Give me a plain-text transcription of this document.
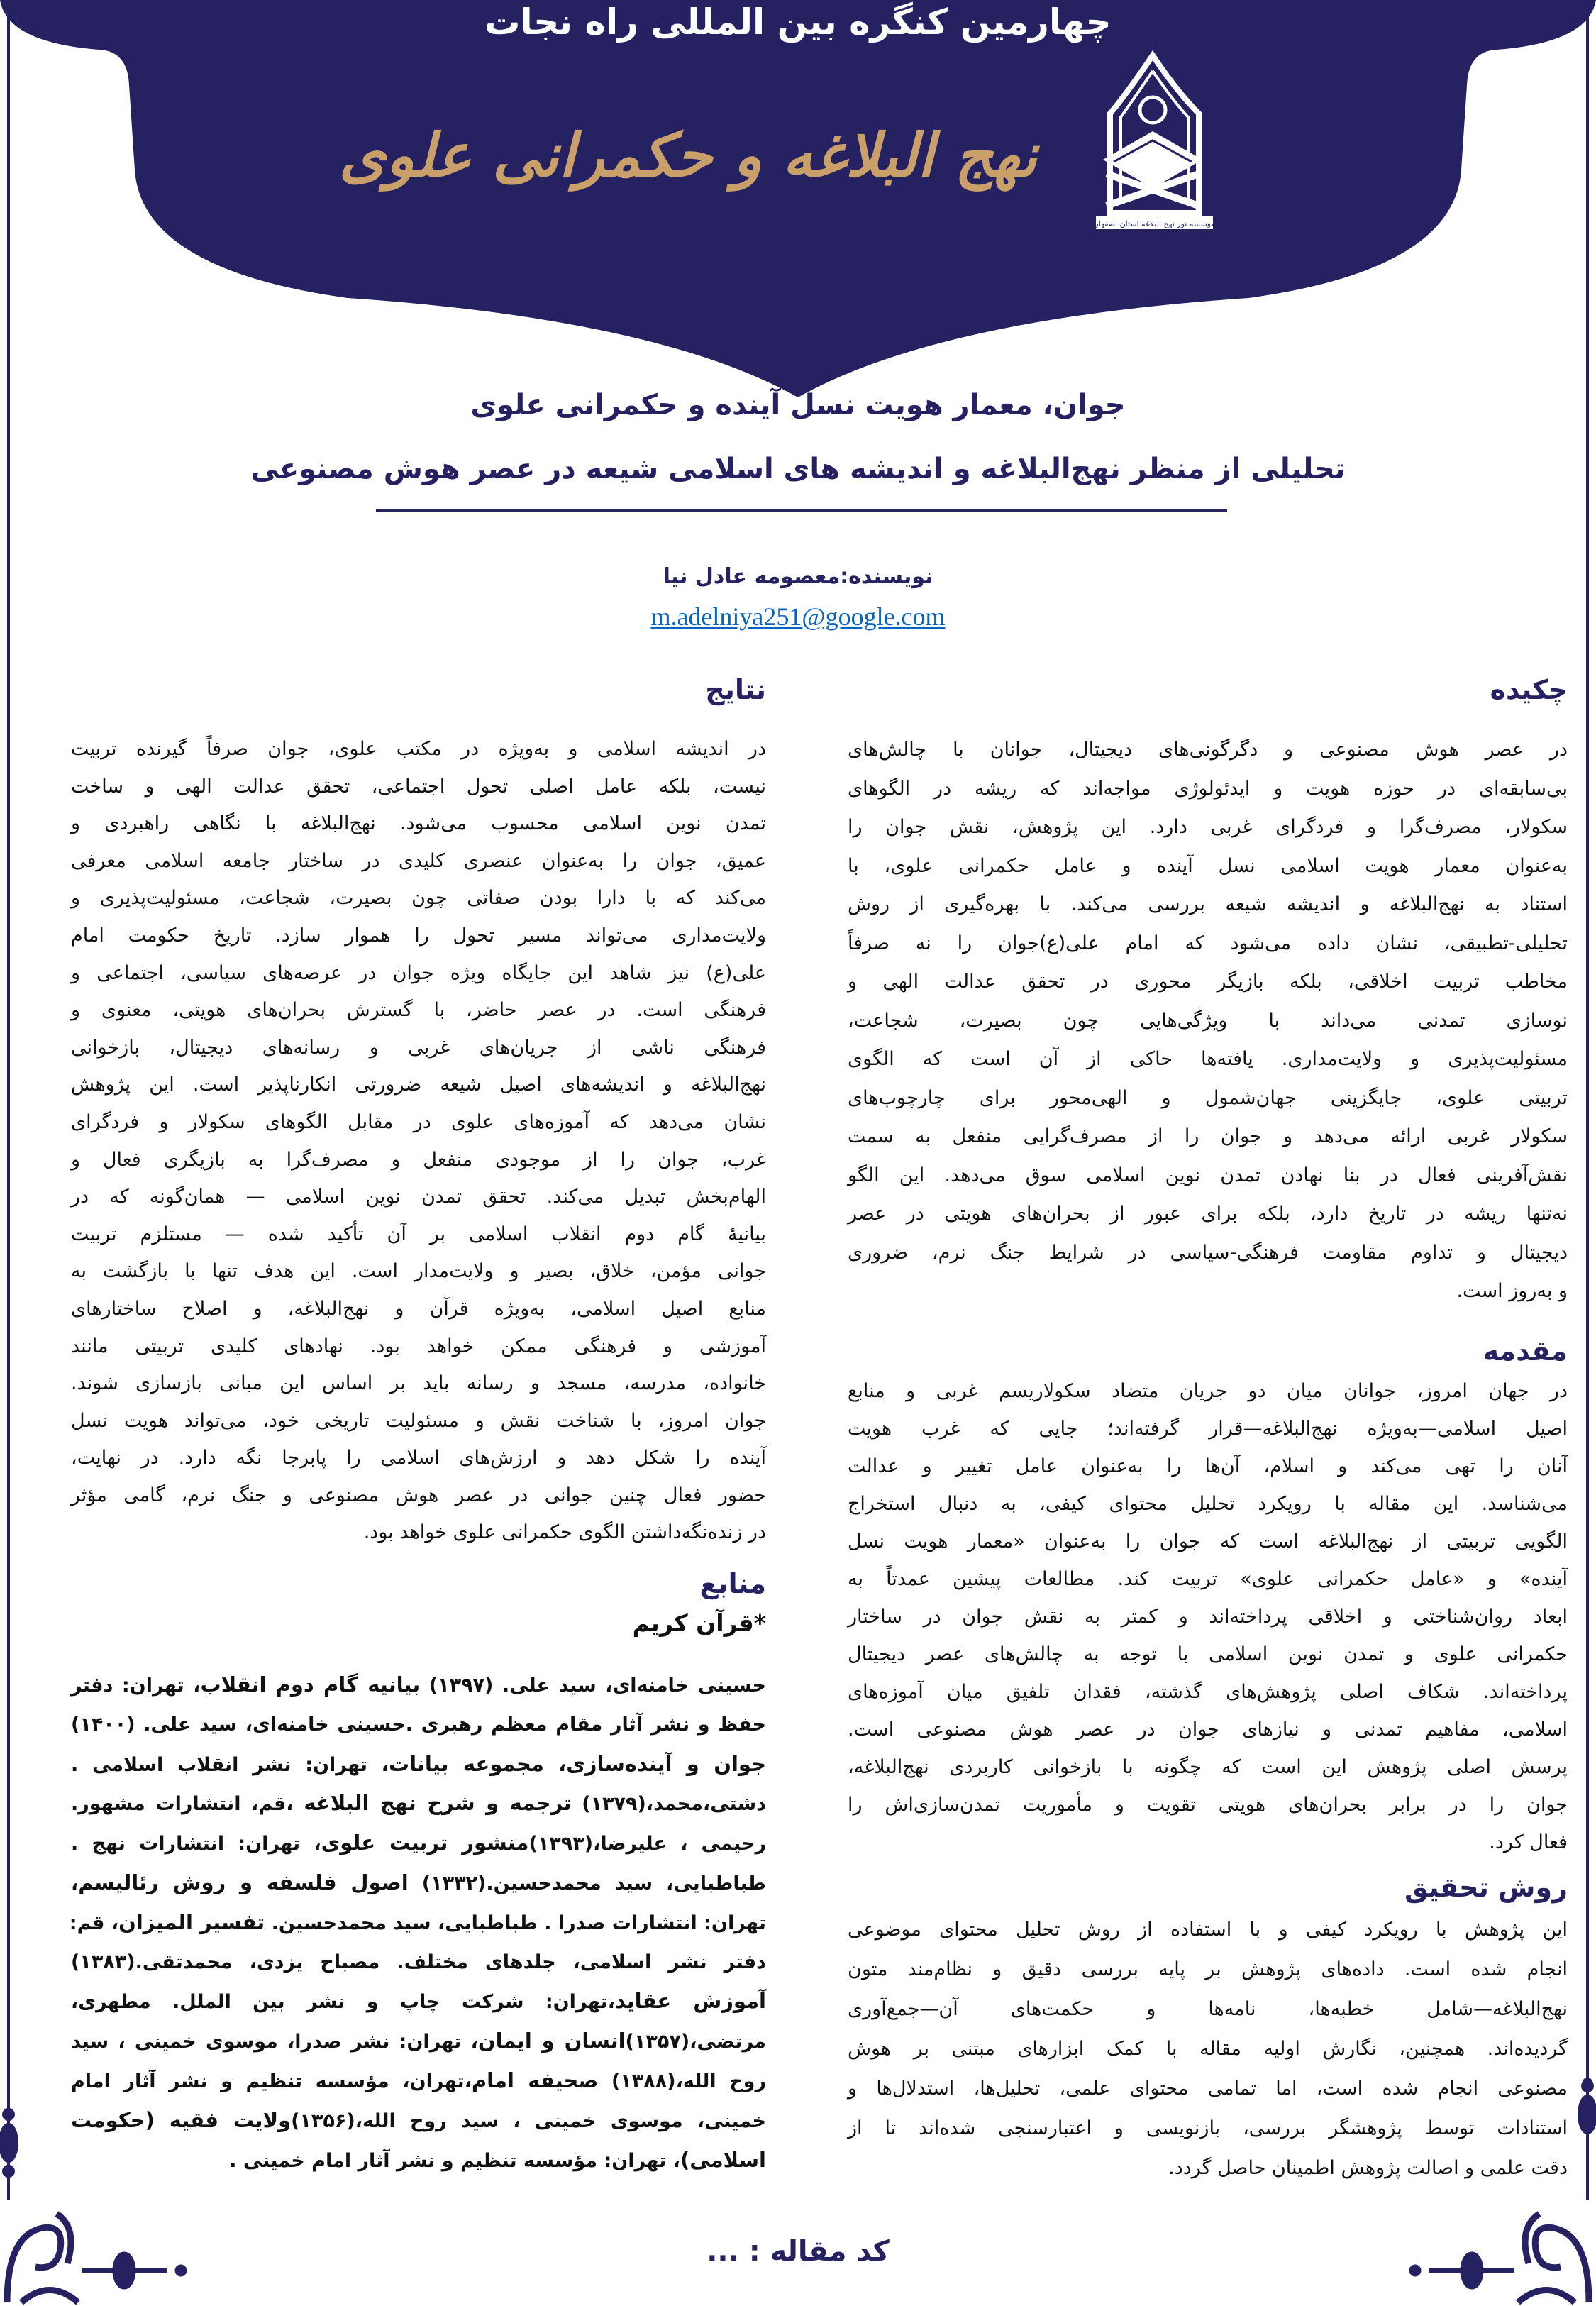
موسسه نور نهج البلاغه استان اصفهان
چهارمین کنگره بین المللی راه نجات
نهج البلاغه و حکمرانی علوی
جوان، معمار هویت نسل آینده و حکمرانی علوی
تحلیلی از منظر نهج‌البلاغه و اندیشه های اسلامی شیعه در عصر هوش مصنوعی
نویسنده:معصومه عادل نیا
m.adelniya251@google.com
چکیده
در عصر هوش مصنوعی و دگرگونی‌های دیجیتال، جوانان با چالش‌های
بی‌سابقه‌ای در حوزه هویت و ایدئولوژی مواجه‌اند که ریشه در الگوهای
سکولار، مصرف‌گرا و فردگرای غربی دارد. این پژوهش، نقش جوان را
به‌عنوان معمار هویت اسلامی نسل آینده و عامل حکمرانی علوی، با
استناد به نهج‌البلاغه و اندیشه شیعه بررسی می‌کند. با بهره‌گیری از روش
تحلیلی-تطبیقی، نشان داده می‌شود که امام علی(ع)جوان را نه صرفاً
مخاطب تربیت اخلاقی، بلکه بازیگر محوری در تحقق عدالت الهی و
نوسازی تمدنی می‌داند با ویژگی‌هایی چون بصیرت، شجاعت،
مسئولیت‌پذیری و ولایت‌مداری. یافته‌ها حاکی از آن است که الگوی
تربیتی علوی، جایگزینی جهان‌شمول و الهی‌محور برای چارچوب‌های
سکولار غربی ارائه می‌دهد و جوان را از مصرف‌گرایی منفعل به سمت
نقش‌آفرینی فعال در بنا نهادن تمدن نوین اسلامی سوق می‌دهد. این الگو
نه‌تنها ریشه در تاریخ دارد، بلکه برای عبور از بحران‌های هویتی در عصر
دیجیتال و تداوم مقاومت فرهنگی-سیاسی در شرایط جنگ نرم، ضروری
و به‌روز است.
مقدمه
در جهان امروز، جوانان میان دو جریان متضاد سکولاریسم غربی و منابع
اصیل اسلامی—به‌ویژه نهج‌البلاغه—قرار گرفته‌اند؛ جایی که غرب هویت
آنان را تهی می‌کند و اسلام، آن‌ها را به‌عنوان عامل تغییر و عدالت
می‌شناسد. این مقاله با رویکرد تحلیل محتوای کیفی، به دنبال استخراج
الگویی تربیتی از نهج‌البلاغه است که جوان را به‌عنوان «معمار هویت نسل
آینده» و «عامل حکمرانی علوی» تربیت کند. مطالعات پیشین عمدتاً به
ابعاد روان‌شناختی و اخلاقی پرداخته‌اند و کمتر به نقش جوان در ساختار
حکمرانی علوی و تمدن نوین اسلامی با توجه به چالش‌های عصر دیجیتال
پرداخته‌اند. شکاف اصلی پژوهش‌های گذشته، فقدان تلفیق میان آموزه‌های
اسلامی، مفاهیم تمدنی و نیازهای جوان در عصر هوش مصنوعی است.
پرسش اصلی پژوهش این است که چگونه با بازخوانی کاربردی نهج‌البلاغه،
جوان را در برابر بحران‌های هویتی تقویت و مأموریت تمدن‌سازی‌اش را
فعال کرد.
روش تحقیق
این پژوهش با رویکرد کیفی و با استفاده از روش تحلیل محتوای موضوعی
انجام شده است. داده‌های پژوهش بر پایه بررسی دقیق و نظام‌مند متون
نهج‌البلاغه—شامل خطبه‌ها، نامه‌ها و حکمت‌های آن—جمع‌آوری
گردیده‌اند. همچنین، نگارش اولیه مقاله با کمک ابزارهای مبتنی بر هوش
مصنوعی انجام شده است، اما تمامی محتوای علمی، تحلیل‌ها، استدلال‌ها و
استنادات توسط پژوهشگر بررسی، بازنویسی و اعتبارسنجی شده‌اند تا از
دقت علمی و اصالت پژوهش اطمینان حاصل گردد.
نتایج
در اندیشه اسلامی و به‌ویژه در مکتب علوی، جوان صرفاً گیرنده تربیت
نیست، بلکه عامل اصلی تحول اجتماعی، تحقق عدالت الهی و ساخت
تمدن نوین اسلامی محسوب می‌شود. نهج‌البلاغه با نگاهی راهبردی و
عمیق، جوان را به‌عنوان عنصری کلیدی در ساختار جامعه اسلامی معرفی
می‌کند که با دارا بودن صفاتی چون بصیرت، شجاعت، مسئولیت‌پذیری و
ولایت‌مداری می‌تواند مسیر تحول را هموار سازد. تاریخ حکومت امام
علی(ع) نیز شاهد این جایگاه ویژه جوان در عرصه‌های سیاسی، اجتماعی و
فرهنگی است. در عصر حاضر، با گسترش بحران‌های هویتی، معنوی و
فرهنگی ناشی از جریان‌های غربی و رسانه‌های دیجیتال، بازخوانی
نهج‌البلاغه و اندیشه‌های اصیل شیعه ضرورتی انکارناپذیر است. این پژوهش
نشان می‌دهد که آموزه‌های علوی در مقابل الگوهای سکولار و فردگرای
غرب، جوان را از موجودی منفعل و مصرف‌گرا به بازیگری فعال و
الهام‌بخش تبدیل می‌کند. تحقق تمدن نوین اسلامی — همان‌گونه که در
بیانیهٔ گام دوم انقلاب اسلامی بر آن تأکید شده — مستلزم تربیت
جوانی مؤمن، خلاق، بصیر و ولایت‌مدار است. این هدف تنها با بازگشت به
منابع اصیل اسلامی، به‌ویژه قرآن و نهج‌البلاغه، و اصلاح ساختارهای
آموزشی و فرهنگی ممکن خواهد بود. نهادهای کلیدی تربیتی مانند
خانواده، مدرسه، مسجد و رسانه باید بر اساس این مبانی بازسازی شوند.
جوان امروز، با شناخت نقش و مسئولیت تاریخی خود، می‌تواند هویت نسل
آینده را شکل دهد و ارزش‌های اسلامی را پابرجا نگه دارد. در نهایت،
حضور فعال چنین جوانی در عصر هوش مصنوعی و جنگ نرم، گامی مؤثر
در زنده‌نگه‌داشتن الگوی حکمرانی علوی خواهد بود.
منابع
*قرآن کریم
حسینی خامنه‌ای، سید علی. (۱۳۹۷) بیانیه گام دوم انقلاب، تهران: دفتر
حفظ و نشر آثار مقام معظم رهبری .حسینی خامنه‌ای، سید علی. (۱۴۰۰)
جوان و آینده‌سازی، مجموعه بیانات، تهران: نشر انقلاب اسلامی .
دشتی،محمد،(۱۳۷۹) ترجمه و شرح نهج البلاغه ،قم، انتشارات مشهور.
رحیمی ، علیرضا،(۱۳۹۳)منشور تربیت علوی، تهران: انتشارات نهج .
طباطبایی، سید محمدحسین.(۱۳۳۲) اصول فلسفه و روش رئالیسم،
تهران: انتشارات صدرا . طباطبایی، سید محمدحسین. تفسیر المیزان، قم:
دفتر نشر اسلامی، جلدهای مختلف. مصباح یزدی، محمدتقی.(۱۳۸۳)
آموزش عقاید،تهران: شرکت چاپ و نشر بین الملل. مطهری،
مرتضی،(۱۳۵۷)انسان و ایمان، تهران: نشر صدرا، موسوی خمینی ، سید
روح الله،(۱۳۸۸) صحیفه امام،تهران، مؤسسه تنظیم و نشر آثار امام
خمینی، موسوی خمینی ، سید روح الله،(۱۳۵۶)ولایت فقیه (حکومت
اسلامی)، تهران: مؤسسه تنظیم و نشر آثار امام خمینی .
کد مقاله : ...
